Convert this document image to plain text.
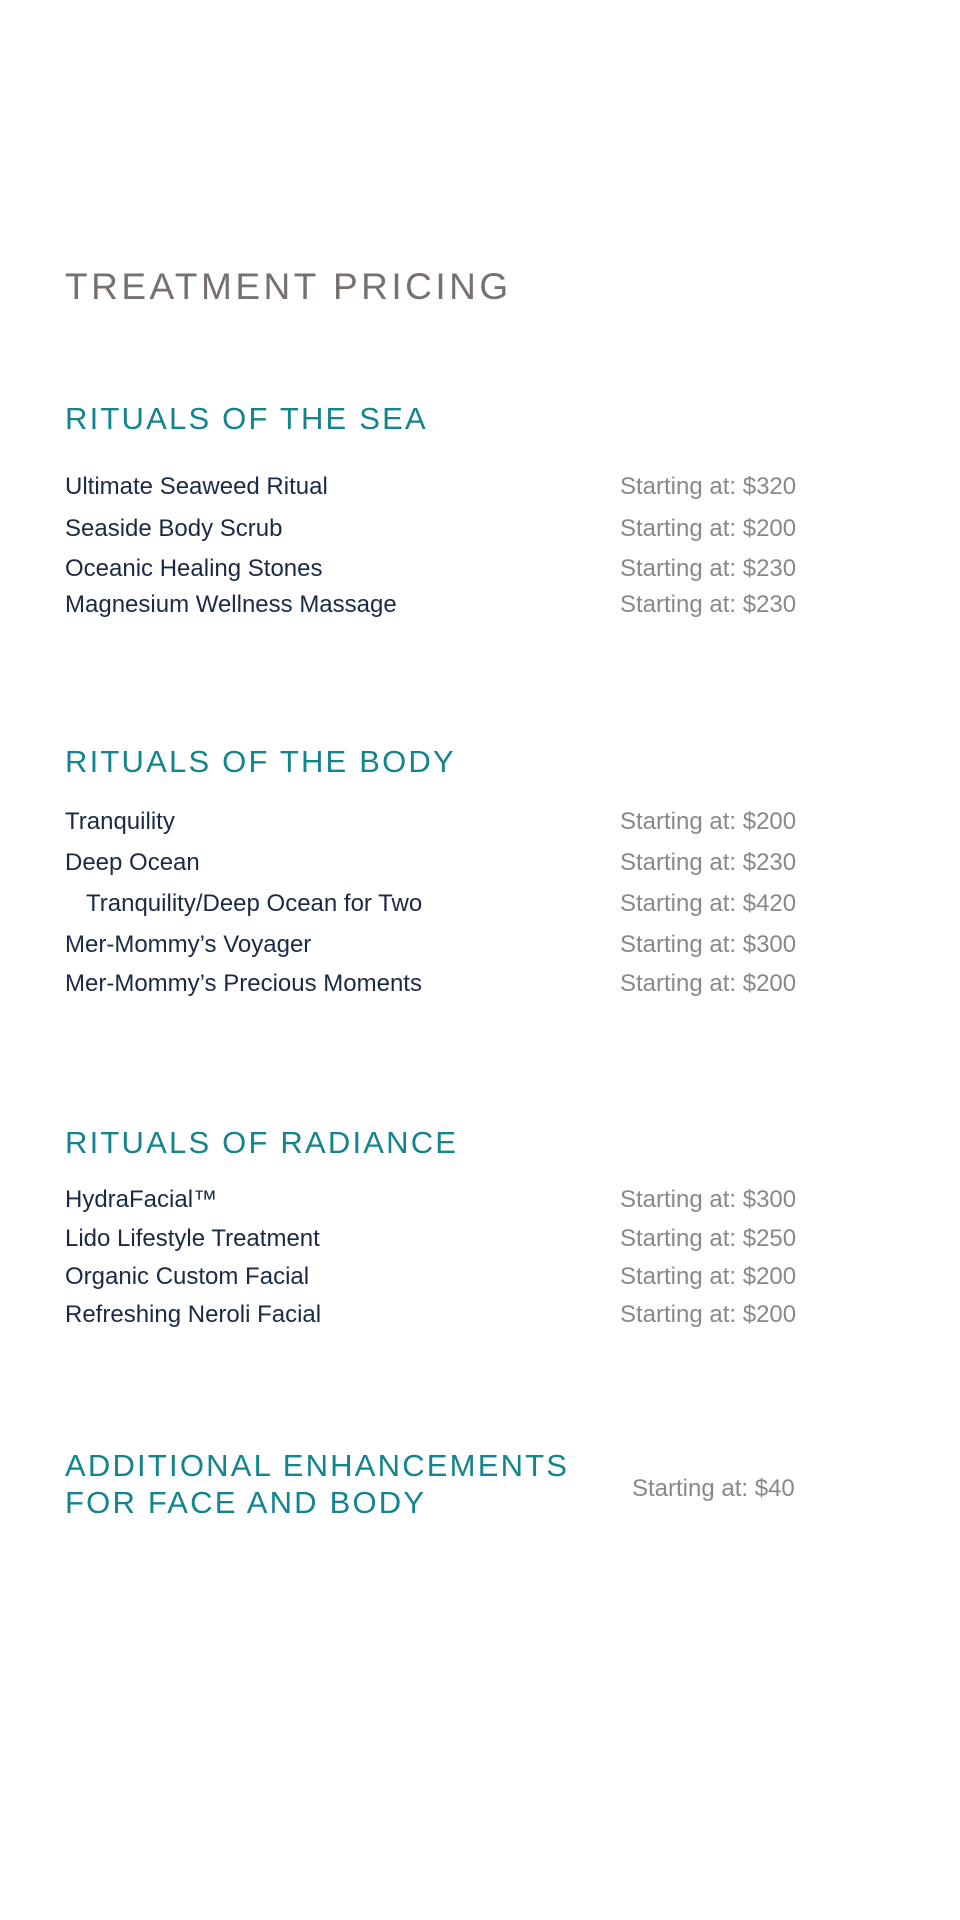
TREATMENT PRICING
RITUALS OF THE SEA
Ultimate Seaweed Ritual	Starting at: $320
Seaside Body Scrub	Starting at: $200
Oceanic Healing Stones	Starting at: $230
Magnesium Wellness Massage	Starting at: $230
RITUALS OF THE BODY
Tranquility	Starting at: $200
Deep Ocean	Starting at: $230
Tranquility/Deep Ocean for Two	Starting at: $420
Mer-Mommy’s Voyager	Starting at: $300
Mer-Mommy’s Precious Moments	Starting at: $200
RITUALS OF RADIANCE
HydraFacial™	Starting at: $300
Lido Lifestyle Treatment	Starting at: $250
Organic Custom Facial	Starting at: $200
Refreshing Neroli Facial	Starting at: $200
ADDITIONAL ENHANCEMENTS
FOR FACE AND BODY	Starting at: $40
